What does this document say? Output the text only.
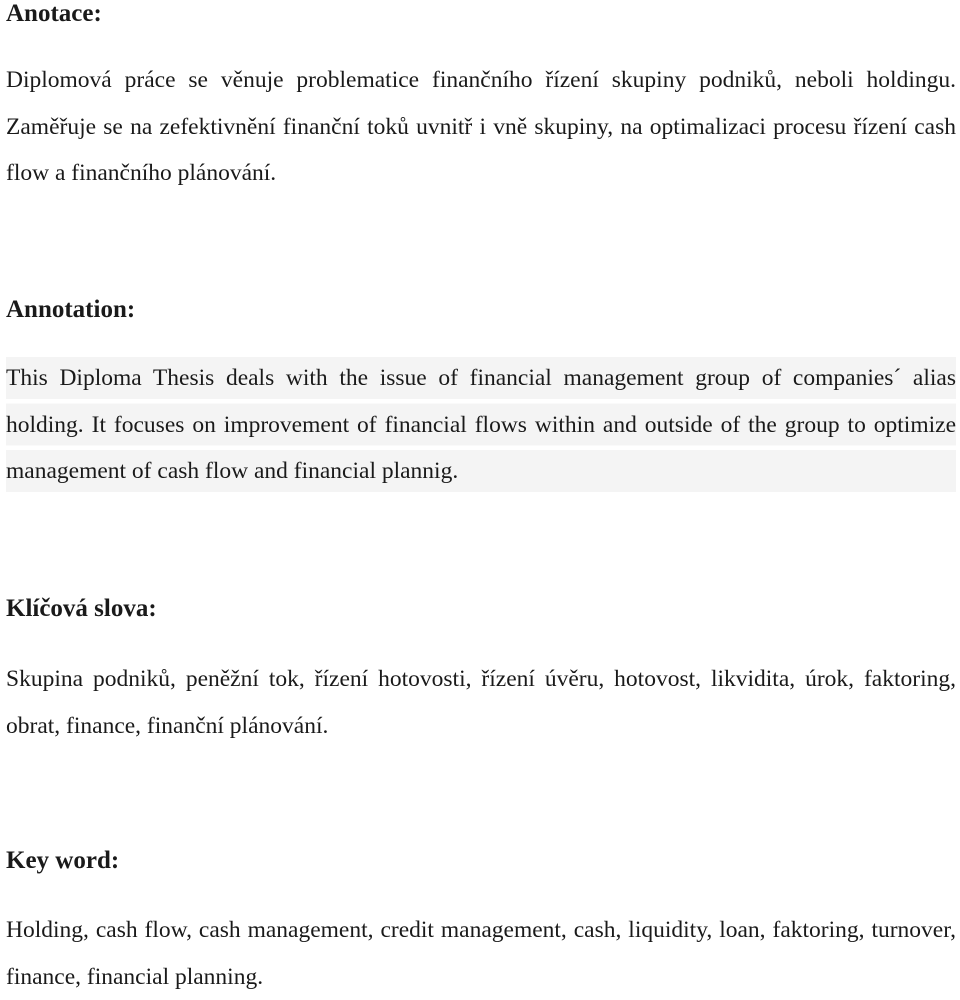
Anotace:

Diplomová práce se věnuje problematice finančního řízení skupiny podniků, neboli holdingu. Zaměřuje se na zefektivnění finanční toků uvnitř i vně skupiny, na optimalizaci procesu řízení cash flow a finančního plánování.

Annotation:

This Diploma Thesis deals with the issue of financial management group of companies´ alias holding. It focuses on improvement of financial flows within and outside of the group to optimize management of cash flow and financial plannig.

Klíčová slova:

Skupina podniků, peněžní tok, řízení hotovosti, řízení úvěru, hotovost, likvidita, úrok, faktoring, obrat, finance, finanční plánování.

Key word:

Holding, cash flow, cash management, credit management, cash, liquidity, loan, faktoring, turnover, finance, financial planning.
